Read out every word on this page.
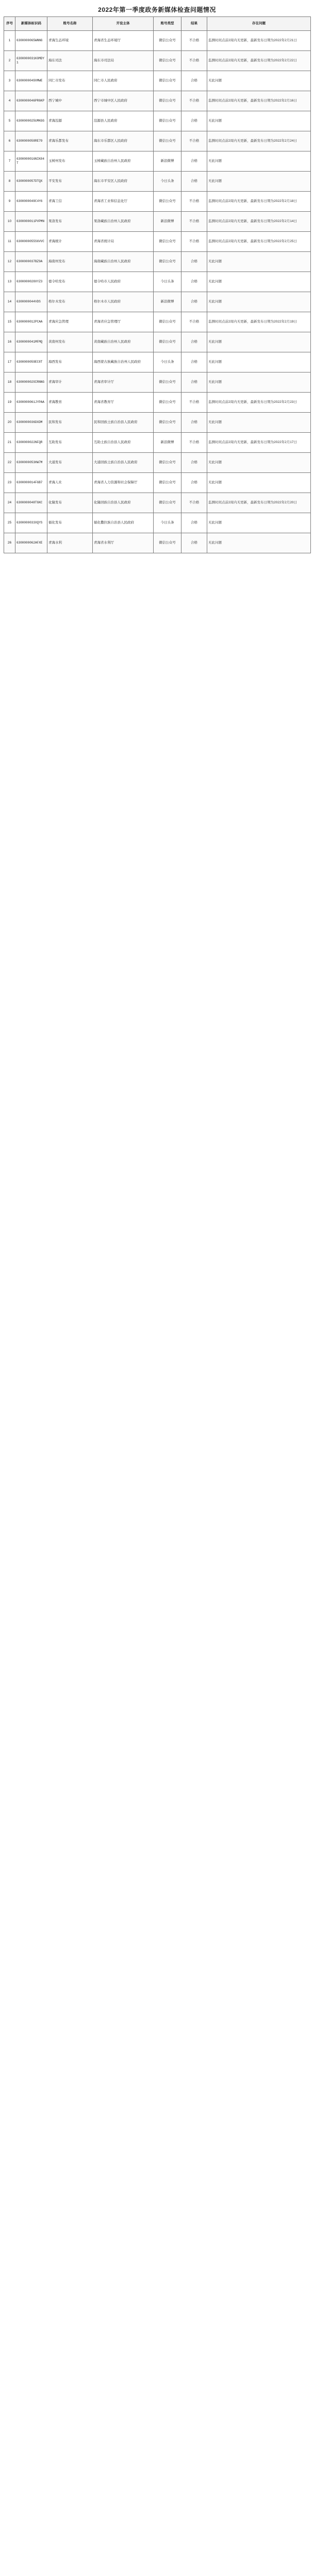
2022年第一季度政务新媒体检查问题情况
序号	新媒体标识码	账号名称	开设主体	账号类型	结果	存在问题
1	6300000065WNNG	青海生态环境	青海省生态环境厅	微信公众号	不合格	监测时间点前2周内无更新，最新发布日期为2022年2月21日
2	6300000031KOMDY1	海东司法	海东市司法局	微信公众号	不合格	监测时间点前2周内无更新，最新发布日期为2022年2月22日
3	6300000049XMWE	同仁市发布	同仁市人民政府	微信公众号	合格	无此问题
4	6300000046PR6KP	西宁城中	西宁市城中区人民政府	微信公众号	不合格	监测时间点前2周内无更新，最新发布日期为2022年2月16日
5	6300000025UMKGG	青海湟源	湟源县人民政府	微信公众号	合格	无此问题
6	6300000058RE79	青海乐都发布	海东市乐都区人民政府	微信公众号	不合格	监测时间点前2周内无更新，最新发布日期为2022年2月24日
7	6300000016NIK04T	玉树州发布	玉树藏族自治州人民政府	新浪微博	合格	无此问题
8	6300000057DTQX	平安发布	海东市平安区人民政府	今日头条	合格	无此问题
9	6300000049C4Y6	青海工信	青海省工业和信息化厅	微信公众号	不合格	监测时间点前2周内无更新，最新发布日期为2022年2月18日
10	6300000011PVPMN	果洛发布	果洛藏族自治州人民政府	新浪微博	不合格	监测时间点前2周内无更新，最新发布日期为2022年2月14日
11	6300000055S6VVC	青海统计	青海省统计局	微信公众号	不合格	监测时间点前2周内无更新，最新发布日期为2022年2月25日
12	6300000037BZ9A	海南州发布	海南藏族自治州人民政府	微信公众号	合格	无此问题
13	6300000028XYZ3	德令哈发布	德令哈市人民政府	今日头条	合格	无此问题
14	6300000044VDS	格尔木发布	格尔木市人民政府	新浪微博	合格	无此问题
15	6300000012PCAA	青海应急管理	青海省应急管理厅	微信公众号	不合格	监测时间点前2周内无更新，最新发布日期为2022年2月19日
16	6300000041MFMQ	黄南州发布	黄南藏族自治州人民政府	微信公众号	合格	无此问题
17	6300000059EC8T	海西发布	海西蒙古族藏族自治州人民政府	今日头条	合格	无此问题
18	6300000029IRNNG	青海审计	青海省审计厅	微信公众号	合格	无此问题
19	6300000061JYPAA	青海教育	青海省教育厅	微信公众号	不合格	监测时间点前2周内无更新，最新发布日期为2022年2月23日
20	6300000036DXDM	民和发布	民和回族土族自治县人民政府	微信公众号	合格	无此问题
21	6300000022NFQR	互助发布	互助土族自治县人民政府	新浪微博	不合格	监测时间点前2周内无更新，最新发布日期为2022年2月17日
22	6300000053HW7M	大通发布	大通回族土族自治县人民政府	微信公众号	合格	无此问题
23	6300000014FGB7	青海人社	青海省人力资源和社会保障厅	微信公众号	合格	无此问题
24	6300000048TGKC	化隆发布	化隆回族自治县人民政府	微信公众号	不合格	监测时间点前2周内无更新，最新发布日期为2022年2月20日
25	6300000033XQYS	循化发布	循化撒拉族自治县人民政府	今日头条	合格	无此问题
26	6300000062AFXE	青海水利	青海省水利厅	微信公众号	合格	无此问题
